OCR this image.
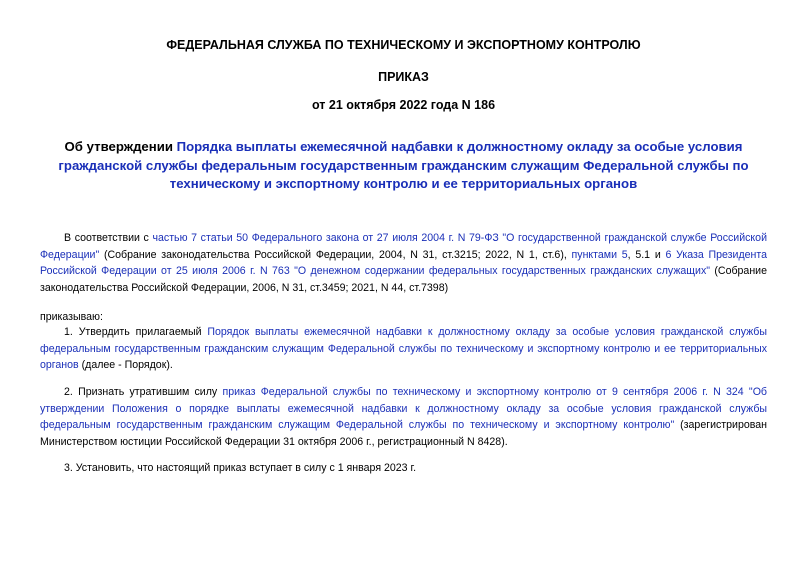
ФЕДЕРАЛЬНАЯ СЛУЖБА ПО ТЕХНИЧЕСКОМУ И ЭКСПОРТНОМУ КОНТРОЛЮ
ПРИКАЗ
от 21 октября 2022 года N 186
Об утверждении Порядка выплаты ежемесячной надбавки к должностному окладу за особые условия гражданской службы федеральным государственным гражданским служащим Федеральной службы по техническому и экспортному контролю и ее территориальных органов
В соответствии с частью 7 статьи 50 Федерального закона от 27 июля 2004 г. N 79-ФЗ "О государственной гражданской службе Российской Федерации" (Собрание законодательства Российской Федерации, 2004, N 31, ст.3215; 2022, N 1, ст.6), пунктами 5, 5.1 и 6 Указа Президента Российской Федерации от 25 июля 2006 г. N 763 "О денежном содержании федеральных государственных гражданских служащих" (Собрание законодательства Российской Федерации, 2006, N 31, ст.3459; 2021, N 44, ст.7398)
приказываю:
1. Утвердить прилагаемый Порядок выплаты ежемесячной надбавки к должностному окладу за особые условия гражданской службы федеральным государственным гражданским служащим Федеральной службы по техническому и экспортному контролю и ее территориальных органов (далее - Порядок).
2. Признать утратившим силу приказ Федеральной службы по техническому и экспортному контролю от 9 сентября 2006 г. N 324 "Об утверждении Положения о порядке выплаты ежемесячной надбавки к должностному окладу за особые условия гражданской службы федеральным государственным гражданским служащим Федеральной службы по техническому и экспортному контролю" (зарегистрирован Министерством юстиции Российской Федерации 31 октября 2006 г., регистрационный N 8428).
3. Установить, что настоящий приказ вступает в силу с 1 января 2023 г.
